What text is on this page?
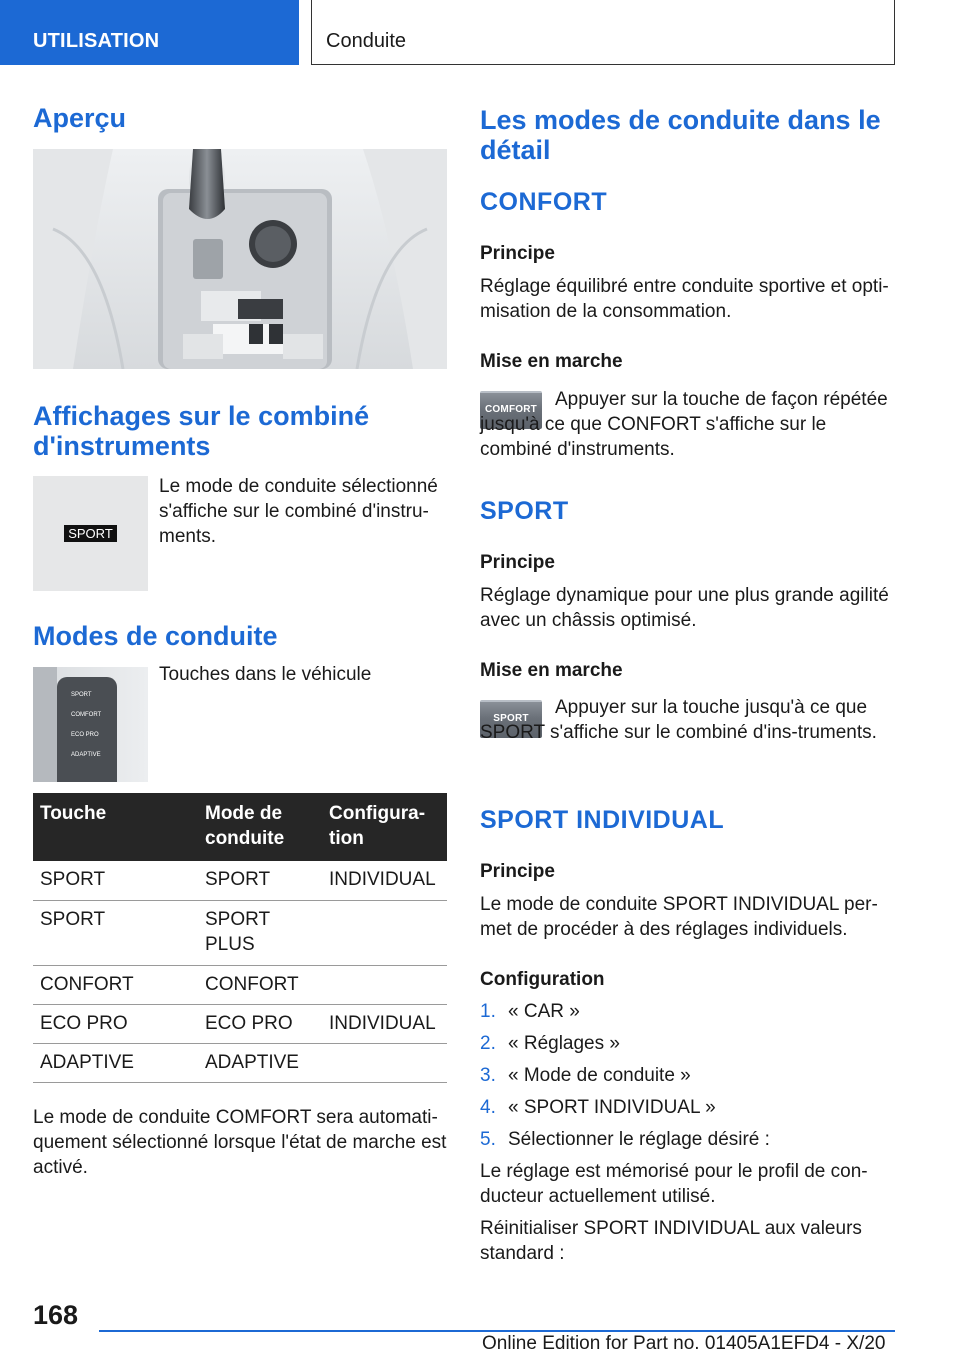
UTILISATION	Conduite
Aperçu
Affichages sur le combiné d'instruments
SPORT
Le mode de conduite sélectionné s'affiche sur le combiné d'instru-ments.
Modes de conduite
SPORT
COMFORT
ECO PRO
ADAPTIVE
Touches dans le véhicule
Touche	Mode de conduite	Configura-tion
SPORT	SPORT	INDIVIDUAL
SPORT	SPORT PLUS	
CONFORT	CONFORT	
ECO PRO	ECO PRO	INDIVIDUAL
ADAPTIVE	ADAPTIVE	
Le mode de conduite COMFORT sera automati-quement sélectionné lorsque l'état de marche est activé.
Les modes de conduite dans le détail
CONFORT
Principe
Réglage équilibré entre conduite sportive et opti-misation de la consommation.
Mise en marche
COMFORT Appuyer sur la touche de façon répétée jusqu'à ce que CONFORT s'affiche sur le combiné d'instruments.
SPORT
Principe
Réglage dynamique pour une plus grande agilité avec un châssis optimisé.
Mise en marche
SPORT
Appuyer sur la touche jusqu'à ce que SPORT s'affiche sur le combiné d'ins-truments.
SPORT INDIVIDUAL
Principe
Le mode de conduite SPORT INDIVIDUAL per-met de procéder à des réglages individuels.
Configuration
1. « CAR »
2. « Réglages »
3. « Mode de conduite »
4. « SPORT INDIVIDUAL »
5. Sélectionner le réglage désiré :
Le réglage est mémorisé pour le profil de con-ducteur actuellement utilisé.
Réinitialiser SPORT INDIVIDUAL aux valeurs standard :
168
Online Edition for Part no. 01405A1EFD4 - X/20
